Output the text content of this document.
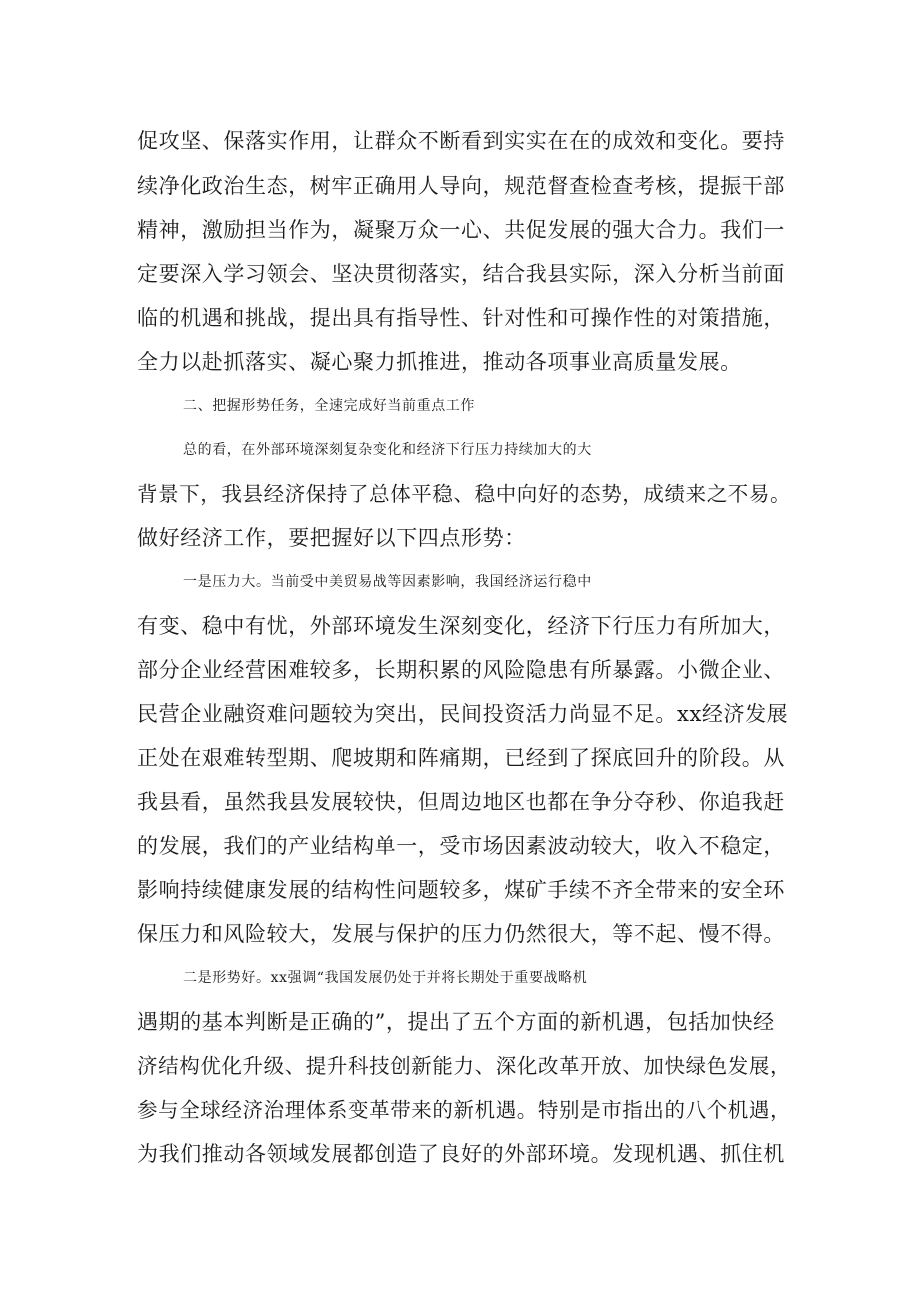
促攻坚、保落实作用，让群众不断看到实实在在的成效和变化。要持
续净化政治生态，树牢正确用人导向，规范督查检查考核，提振干部
精神，激励担当作为，凝聚万众一心、共促发展的强大合力。我们一
定要深入学习领会、坚决贯彻落实，结合我县实际，深入分析当前面
临的机遇和挑战，提出具有指导性、针对性和可操作性的对策措施，
全力以赴抓落实、凝心聚力抓推进，推动各项事业高质量发展。
二、把握形势任务，全速完成好当前重点工作
总的看，在外部环境深刻复杂变化和经济下行压力持续加大的大
背景下，我县经济保持了总体平稳、稳中向好的态势，成绩来之不易。
做好经济工作，要把握好以下四点形势：
一是压力大。当前受中美贸易战等因素影响，我国经济运行稳中
有变、稳中有忧，外部环境发生深刻变化，经济下行压力有所加大，
部分企业经营困难较多，长期积累的风险隐患有所暴露。小微企业、
民营企业融资难问题较为突出，民间投资活力尚显不足。xx经济发展
正处在艰难转型期、爬坡期和阵痛期，已经到了探底回升的阶段。从
我县看，虽然我县发展较快，但周边地区也都在争分夺秒、你追我赶
的发展，我们的产业结构单一，受市场因素波动较大，收入不稳定，
影响持续健康发展的结构性问题较多，煤矿手续不齐全带来的安全环
保压力和风险较大，发展与保护的压力仍然很大，等不起、慢不得。
二是形势好。xx强调“我国发展仍处于并将长期处于重要战略机
遇期的基本判断是正确的”，提出了五个方面的新机遇，包括加快经
济结构优化升级、提升科技创新能力、深化改革开放、加快绿色发展，
参与全球经济治理体系变革带来的新机遇。特别是市指出的八个机遇，
为我们推动各领域发展都创造了良好的外部环境。发现机遇、抓住机
